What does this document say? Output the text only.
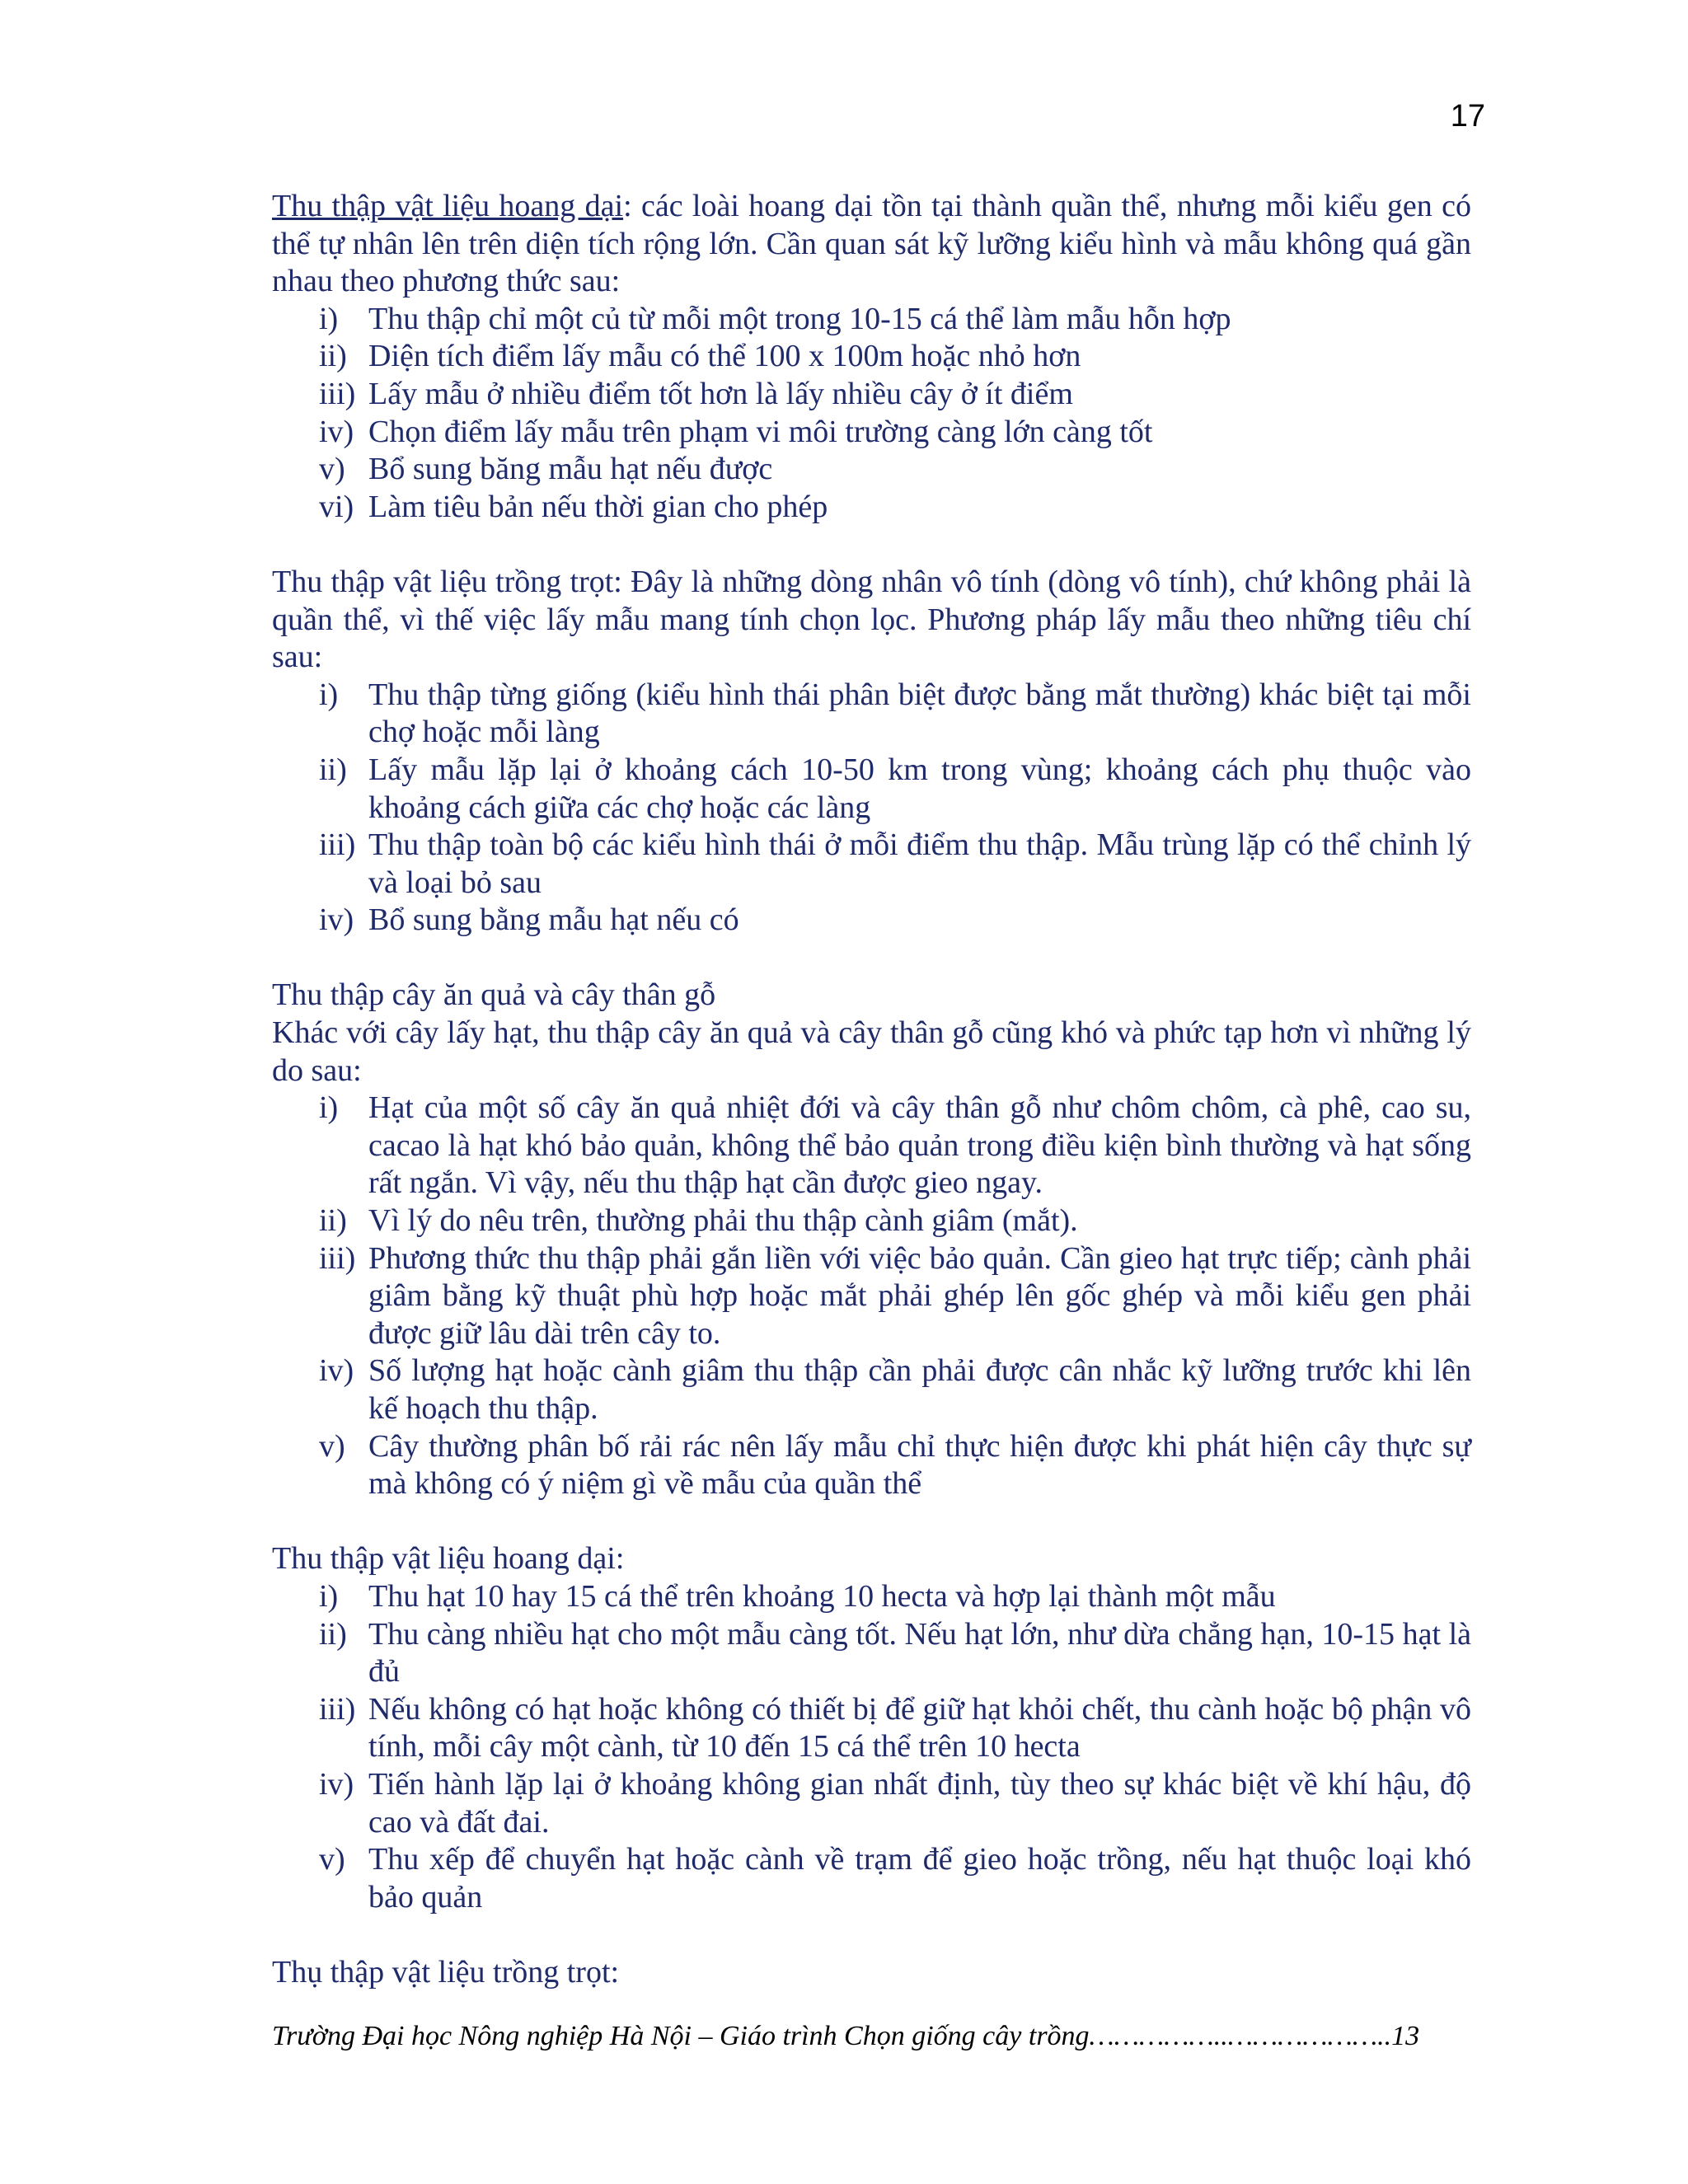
17

Thu thập vật liệu hoang dại: các loài hoang dại tồn tại thành quần thể, nhưng mỗi kiểu gen có thể tự nhân lên trên diện tích rộng lớn. Cần quan sát kỹ lưỡng kiểu hình và mẫu không quá gần nhau theo phương thức sau:

i) Thu thập chỉ một củ từ mỗi một trong 10-15 cá thể làm mẫu hỗn hợp
ii) Diện tích điểm lấy mẫu có thể 100 x 100m hoặc nhỏ hơn
iii) Lấy mẫu ở nhiều điểm tốt hơn là lấy nhiều cây ở ít điểm
iv) Chọn điểm lấy mẫu trên phạm vi môi trường càng lớn càng tốt
v) Bổ sung băng mẫu hạt nếu được
vi) Làm tiêu bản nếu thời gian cho phép

Thu thập vật liệu trồng trọt: Đây là những dòng nhân vô tính (dòng vô tính), chứ không phải là quần thể, vì thế việc lấy mẫu mang tính chọn lọc. Phương pháp lấy mẫu theo những tiêu chí sau:

i) Thu thập từng giống (kiểu hình thái phân biệt được bằng mắt thường) khác biệt tại mỗi chợ hoặc mỗi làng
ii) Lấy mẫu lặp lại ở khoảng cách 10-50 km trong vùng; khoảng cách phụ thuộc vào khoảng cách giữa các chợ hoặc các làng
iii) Thu thập toàn bộ các kiểu hình thái ở mỗi điểm thu thập. Mẫu trùng lặp có thể chỉnh lý và loại bỏ sau
iv) Bổ sung bằng mẫu hạt nếu có

Thu thập cây ăn quả và cây thân gỗ

Khác với cây lấy hạt, thu thập cây ăn quả và cây thân gỗ cũng khó và phức tạp hơn vì những lý do sau:

i) Hạt của một số cây ăn quả nhiệt đới và cây thân gỗ như chôm chôm, cà phê, cao su, cacao là hạt khó bảo quản, không thể bảo quản trong điều kiện bình thường và hạt sống rất ngắn. Vì vậy, nếu thu thập hạt cần được gieo ngay.
ii) Vì lý do nêu trên, thường phải thu thập cành giâm (mắt).
iii) Phương thức thu thập phải gắn liền với việc bảo quản. Cần gieo hạt trực tiếp; cành phải giâm bằng kỹ thuật phù hợp hoặc mắt phải ghép lên gốc ghép và mỗi kiểu gen phải được giữ lâu dài trên cây to.
iv) Số lượng hạt hoặc cành giâm thu thập cần phải được cân nhắc kỹ lưỡng trước khi lên kế hoạch thu thập.
v) Cây thường phân bố rải rác nên lấy mẫu chỉ thực hiện được khi phát hiện cây thực sự mà không có ý niệm gì về mẫu của quần thể

Thu thập vật liệu hoang dại:

i) Thu hạt 10 hay 15 cá thể trên khoảng 10 hecta và hợp lại thành một mẫu
ii) Thu càng nhiều hạt cho một mẫu càng tốt. Nếu hạt lớn, như dừa chẳng hạn, 10-15 hạt là đủ
iii) Nếu không có hạt hoặc không có thiết bị để giữ hạt khỏi chết, thu cành hoặc bộ phận vô tính, mỗi cây một cành, từ 10 đến 15 cá thể trên 10 hecta
iv) Tiến hành lặp lại ở khoảng không gian nhất định, tùy theo sự khác biệt về khí hậu, độ cao và đất đai.
v) Thu xếp để chuyển hạt hoặc cành về trạm để gieo hoặc trồng, nếu hạt thuộc loại khó bảo quản

Thụ thập vật liệu trồng trọt:

Trường Đại học Nông nghiệp Hà Nội – Giáo trình Chọn giống cây trồng……………..………………..13
